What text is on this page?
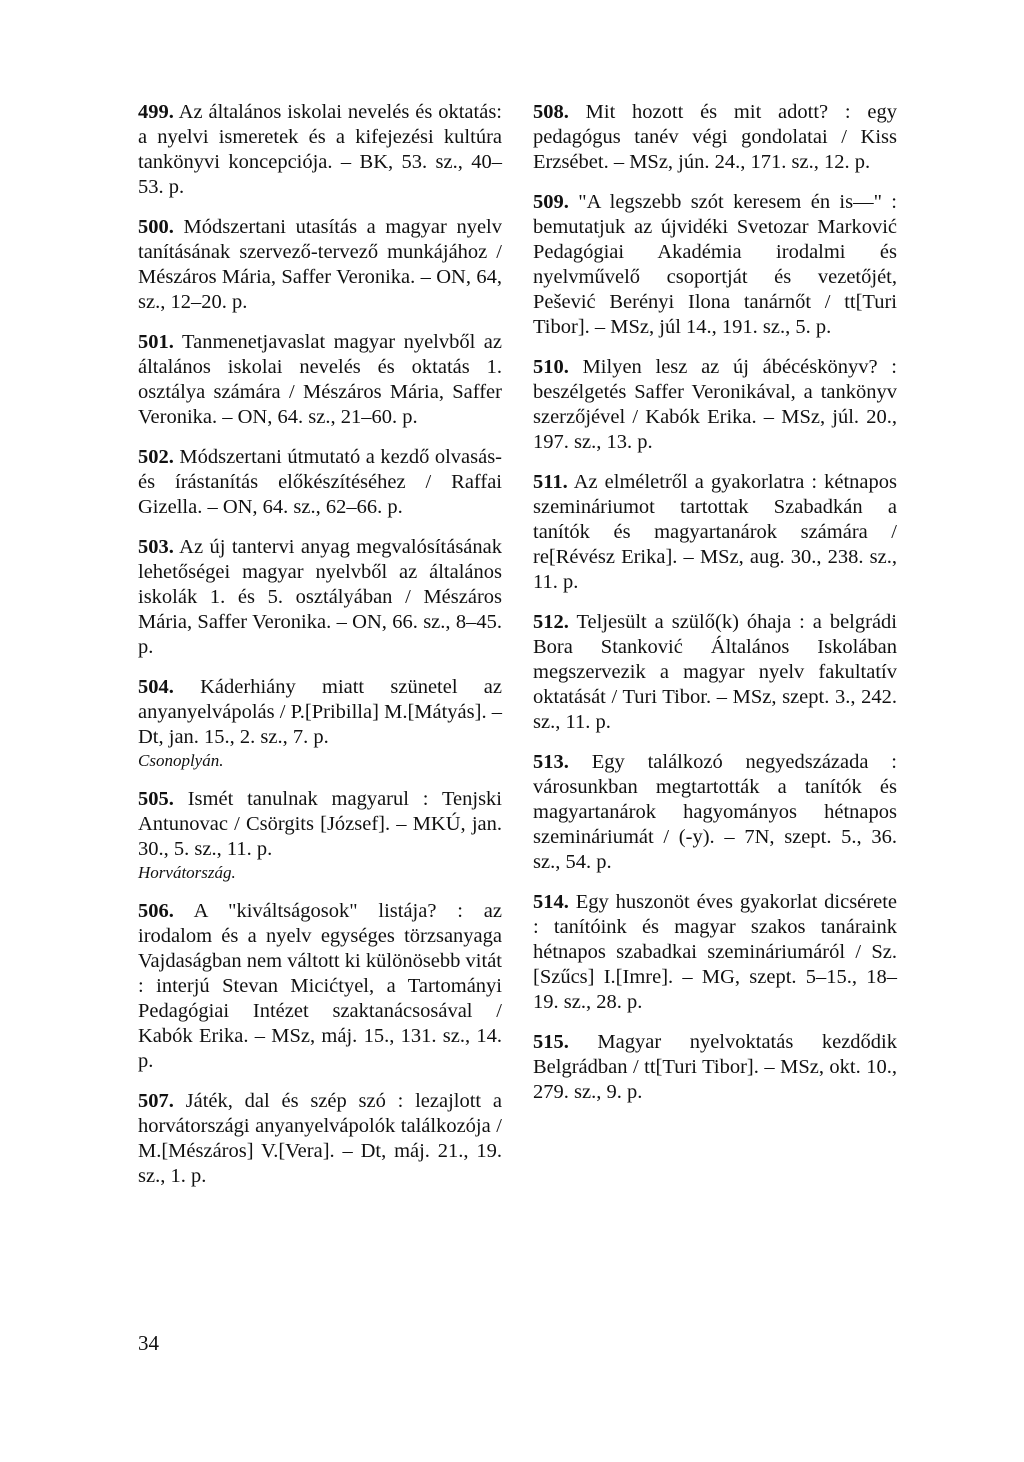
499. Az általános iskolai nevelés és oktatás: a nyelvi ismeretek és a kifejezési kultúra tankönyvi koncepciója. – BK, 53. sz., 40–53. p.

500. Módszertani utasítás a magyar nyelv tanításának szervező-tervező munkájához / Mészáros Mária, Saffer Veronika. – ON, 64, sz., 12–20. p.

501. Tanmenetjavaslat magyar nyelvből az általános iskolai nevelés és oktatás 1. osztálya számára / Mészáros Mária, Saffer Veronika. – ON, 64. sz., 21–60. p.

502. Módszertani útmutató a kezdő olvasás- és írástanítás előkészítéséhez / Raffai Gizella. – ON, 64. sz., 62–66. p.

503. Az új tantervi anyag megvalósításának lehetőségei magyar nyelvből az általános iskolák 1. és 5. osztályában / Mészáros Mária, Saffer Veronika. – ON, 66. sz., 8–45. p.

504. Káderhiány miatt szünetel az anyanyelvápolás / P.[Pribilla] M.[Mátyás]. – Dt, jan. 15., 2. sz., 7. p.
Csonoplyán.

505. Ismét tanulnak magyarul : Tenjski Antunovac / Csörgits [József]. – MKÚ, jan. 30., 5. sz., 11. p.
Horvátország.

506. A "kiváltságosok" listája? : az irodalom és a nyelv egységes törzsanyaga Vajdaságban nem váltott ki különösebb vitát : interjú Stevan Micićtyel, a Tartományi Pedagógiai Intézet szaktanácsosával / Kabók Erika. – MSz, máj. 15., 131. sz., 14. p.

507. Játék, dal és szép szó : lezajlott a horvátországi anyanyelvápolók találkozója / M.[Mészáros] V.[Vera]. – Dt, máj. 21., 19. sz., 1. p.

508. Mit hozott és mit adott? : egy pedagógus tanév végi gondolatai / Kiss Erzsébet. – MSz, jún. 24., 171. sz., 12. p.

509. "A legszebb szót keresem én is—" : bemutatjuk az újvidéki Svetozar Marković Pedagógiai Akadémia irodalmi és nyelvművelő csoportját és vezetőjét, Pešević Berényi Ilona tanárnőt / tt[Turi Tibor]. – MSz, júl 14., 191. sz., 5. p.

510. Milyen lesz az új ábécéskönyv? : beszélgetés Saffer Veronikával, a tankönyv szerzőjével / Kabók Erika. – MSz, júl. 20., 197. sz., 13. p.

511. Az elméletről a gyakorlatra : kétnapos szemináriumot tartottak Szabadkán a tanítók és magyartanárok számára / re[Révész Erika]. – MSz, aug. 30., 238. sz., 11. p.

512. Teljesült a szülő(k) óhaja : a belgrádi Bora Stanković Általános Iskolában megszervezik a magyar nyelv fakultatív oktatását / Turi Tibor. – MSz, szept. 3., 242. sz., 11. p.

513. Egy találkozó negyedszázada : városunkban megtartották a tanítók és magyartanárok hagyományos hétnapos szemináriumát / (-y). – 7N, szept. 5., 36. sz., 54. p.

514. Egy huszonöt éves gyakorlat dicsérete : tanítóink és magyar szakos tanáraink hétnapos szabadkai szemináriumáról / Sz.[Szűcs] I.[Imre]. – MG, szept. 5–15., 18–19. sz., 28. p.

515. Magyar nyelvoktatás kezdődik Belgrádban / tt[Turi Tibor]. – MSz, okt. 10., 279. sz., 9. p.

34
